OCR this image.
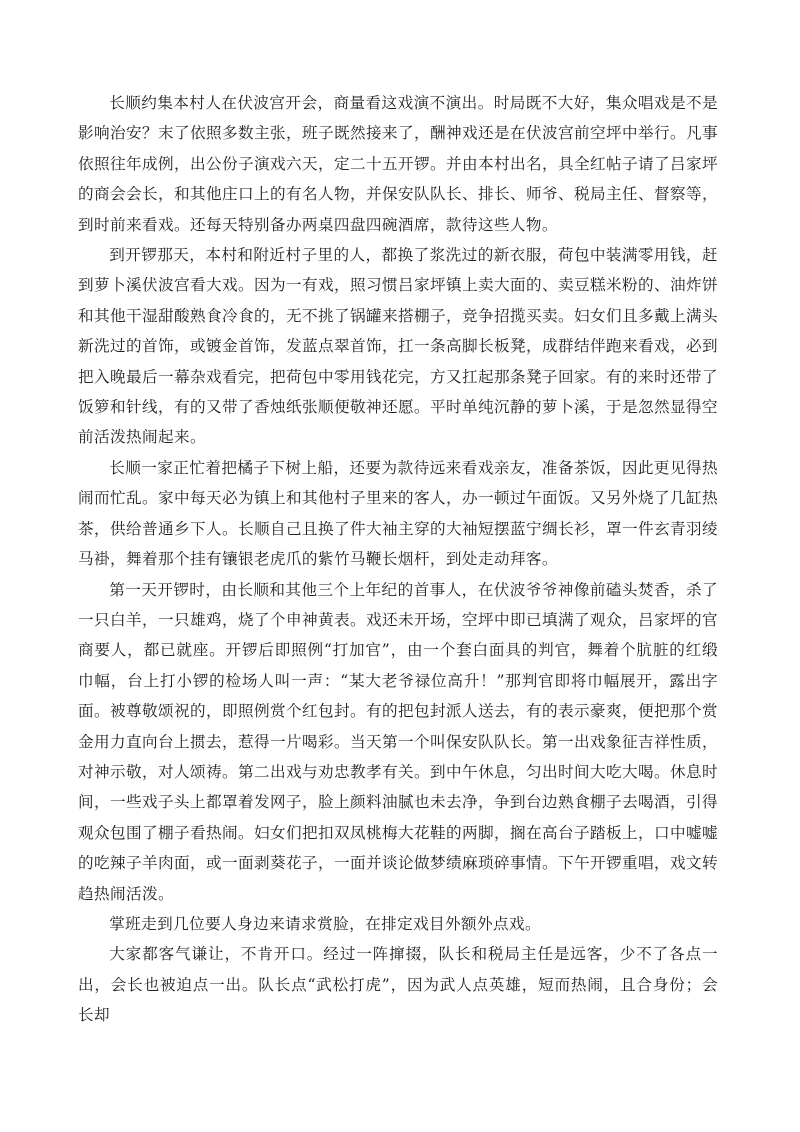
长顺约集本村人在伏波宫开会，商量看这戏演不演出。时局既不大好，集众唱戏是不是影响治安？末了依照多数主张，班子既然接来了，酬神戏还是在伏波宫前空坪中举行。凡事依照往年成例，出公份子演戏六天，定二十五开锣。并由本村出名，具全红帖子请了吕家坪的商会会长，和其他庄口上的有名人物，并保安队队长、排长、师爷、税局主任、督察等，到时前来看戏。还每天特别备办两桌四盘四碗酒席，款待这些人物。

到开锣那天，本村和附近村子里的人，都换了浆洗过的新衣服，荷包中装满零用钱，赶到萝卜溪伏波宫看大戏。因为一有戏，照习惯吕家坪镇上卖大面的、卖豆糕米粉的、油炸饼和其他干湿甜酸熟食冷食的，无不挑了锅罐来搭棚子，竞争招揽买卖。妇女们且多戴上满头新洗过的首饰，或镀金首饰，发蓝点翠首饰，扛一条高脚长板凳，成群结伴跑来看戏，必到把入晚最后一幕杂戏看完，把荷包中零用钱花完，方又扛起那条凳子回家。有的来时还带了饭箩和针线，有的又带了香烛纸张顺便敬神还愿。平时单纯沉静的萝卜溪，于是忽然显得空前活泼热闹起来。

长顺一家正忙着把橘子下树上船，还要为款待远来看戏亲友，准备茶饭，因此更见得热闹而忙乱。家中每天必为镇上和其他村子里来的客人，办一顿过午面饭。又另外烧了几缸热茶，供给普通乡下人。长顺自己且换了件大袖主穿的大袖短摆蓝宁绸长衫，罩一件玄青羽绫马褂，舞着那个挂有镶银老虎爪的紫竹马鞭长烟杆，到处走动拜客。

第一天开锣时，由长顺和其他三个上年纪的首事人，在伏波爷爷神像前磕头焚香，杀了一只白羊，一只雄鸡，烧了个申神黄表。戏还未开场，空坪中即已填满了观众，吕家坪的官商要人，都已就座。开锣后即照例“打加官”，由一个套白面具的判官，舞着个肮脏的红缎巾幅，台上打小锣的检场人叫一声：“某大老爷禄位高升！”那判官即将巾幅展开，露出字面。被尊敬颂祝的，即照例赏个红包封。有的把包封派人送去，有的表示豪爽，便把那个赏金用力直向台上掼去，惹得一片喝彩。当天第一个叫保安队队长。第一出戏象征吉祥性质，对神示敬，对人颂祷。第二出戏与劝忠教孝有关。到中午休息，匀出时间大吃大喝。休息时间，一些戏子头上都罩着发网子，脸上颜料油腻也未去净，争到台边熟食棚子去喝酒，引得观众包围了棚子看热闹。妇女们把扣双凤桃梅大花鞋的两脚，搁在高台子踏板上，口中嘘嘘的吃辣子羊肉面，或一面剥葵花子，一面并谈论做梦绩麻琐碎事情。下午开锣重唱，戏文转趋热闹活泼。

掌班走到几位要人身边来请求赏脸，在排定戏目外额外点戏。

大家都客气谦让，不肯开口。经过一阵撺掇，队长和税局主任是远客，少不了各点一出，会长也被迫点一出。队长点“武松打虎”，因为武人点英雄，短而热闹，且合身份；会长却
